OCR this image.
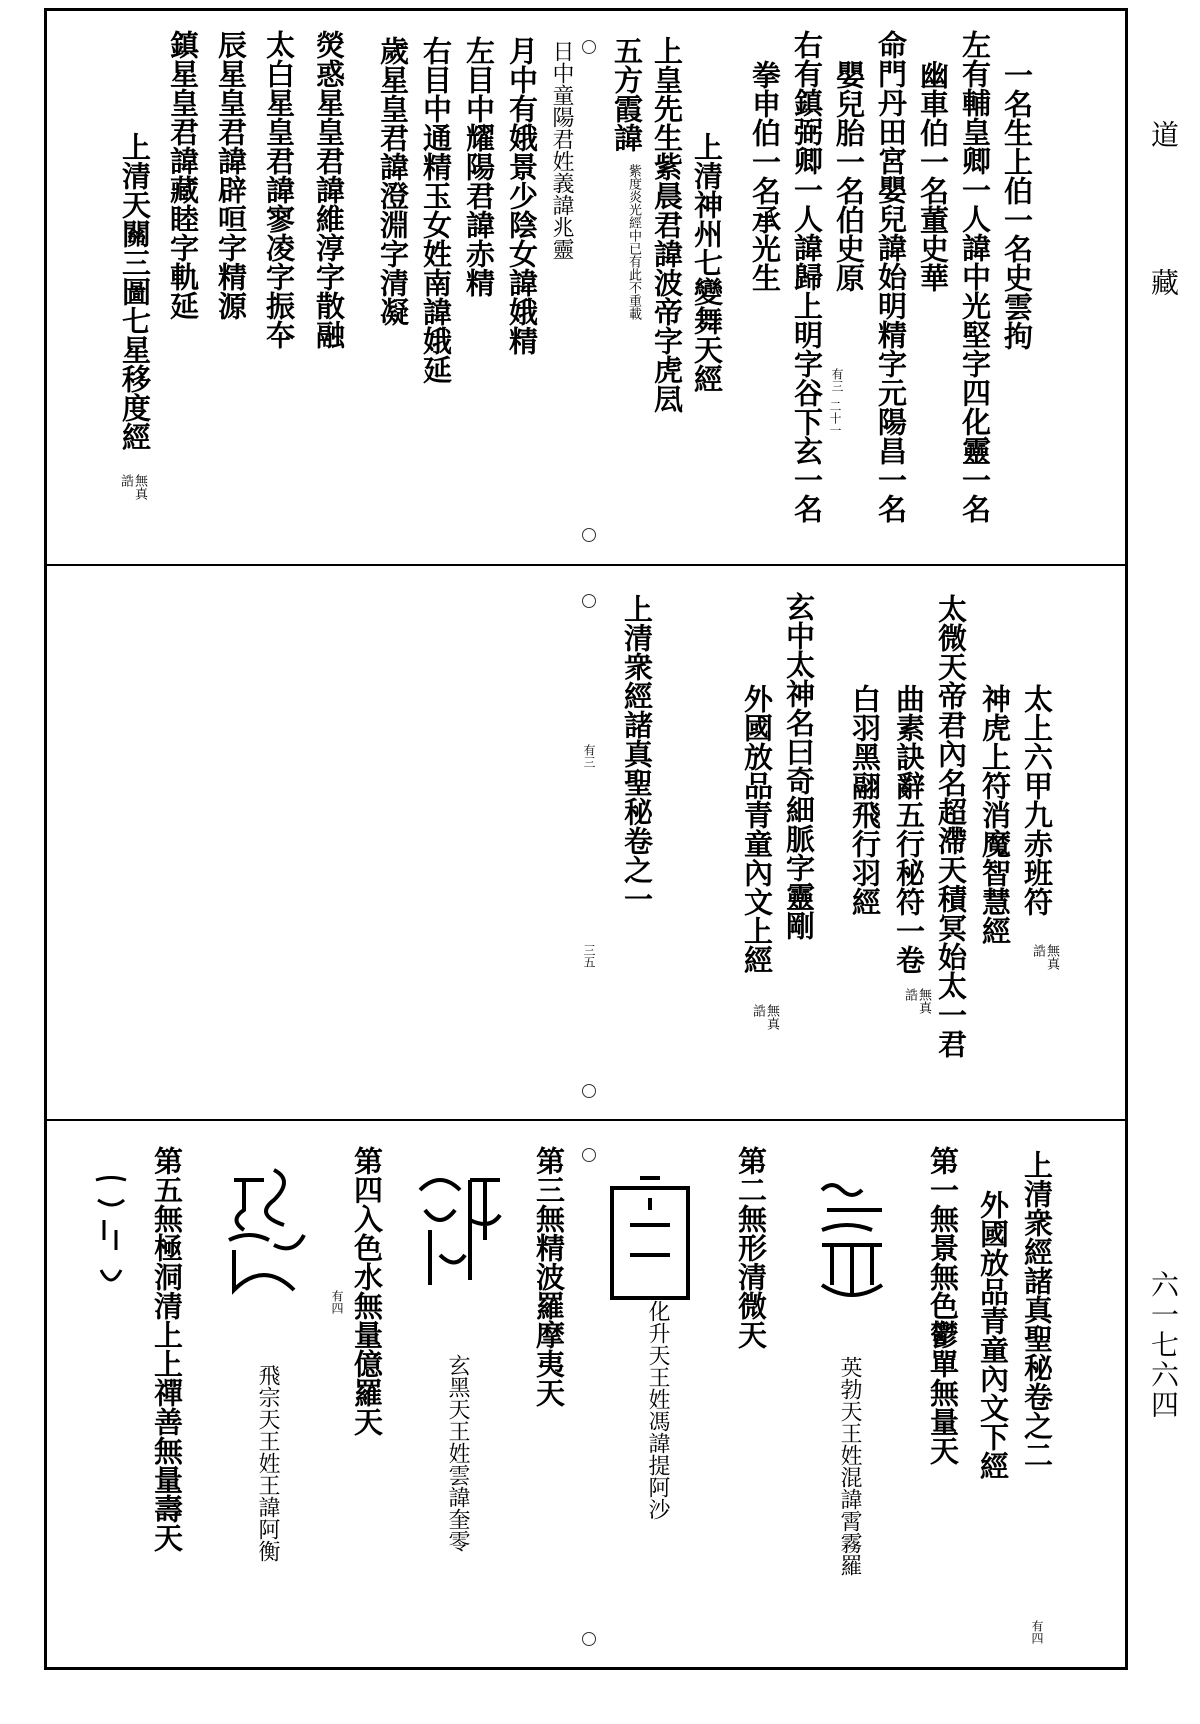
道
藏
六一七六四
一名生上伯一名史雲拘
左有輔皇卿一人諱中光堅字四化靈一名
幽車伯一名董史華
命門丹田宮嬰兒諱始明精字元陽昌一名
嬰兒胎一名伯史原
右有鎮弼卿一人諱歸上明字谷下玄一名
拳申伯一名承光生
上清神州七變舞天經
上皇先生紫晨君諱波帝字虎凨
五方霞諱
日中童陽君姓義諱兆靈
月中有娥景少陰女諱娥精
左目中耀陽君諱赤精
右目中通精玉女姓南諱娥延
歲星皇君諱澄淵字清凝
熒惑星皇君諱維淳字散融
太白星皇君諱寥凌字振夲
辰星皇君諱辟咺字精源
鎮星皇君諱藏睦字軌延
上清天關三圖七星移度經	有三
二十一
紫度炎光經中已有此不重載
無真誥
太上六甲九赤班符
神虎上符消魔智慧經
太微天帝君內名超滯天積冥始太一君
曲素訣辭五行秘符一卷
白羽黑翮飛行羽經
玄中太神名曰奇細脈字靈剛
外國放品青童內文上經
上清衆經諸真聖秘卷之一
無真誥
無真誥
無真誥
有三
三五
上清衆經諸真聖秘卷之二
外國放品青童內文下經
第一無景無色鬱單無量天
英勃天王姓混諱霄霧羅
第二無形清微天
化升天王姓馮諱提阿沙
第三無精波羅摩夷天
玄黑天王姓雲諱奎零
第四入色水無量億羅天
飛宗天王姓王諱阿衡
第五無極洞清上上禪善無量壽天
有四
有四
